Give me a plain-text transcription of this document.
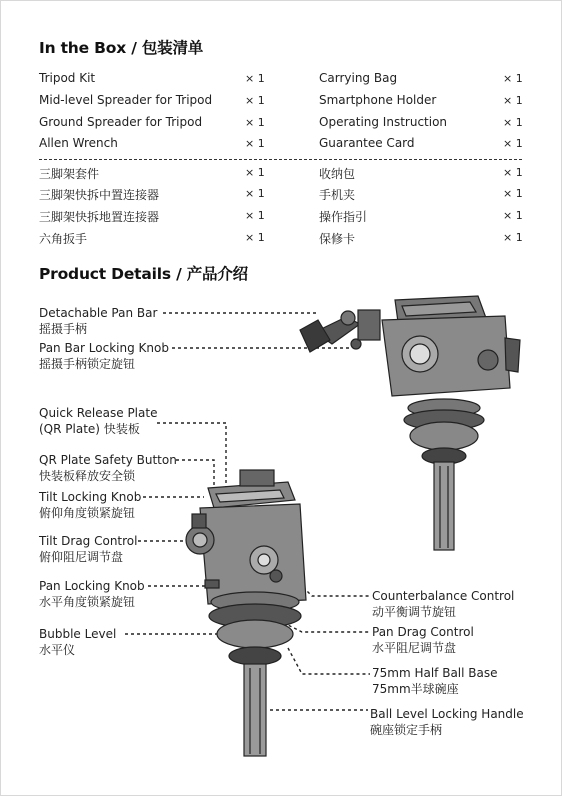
In the Box / 包装清单
Tripod Kit
Mid-level Spreader for Tripod
Ground Spreader for Tripod
Allen Wrench
× 1
× 1
× 1
× 1
Carrying Bag
Smartphone Holder
Operating Instruction
Guarantee Card
× 1
× 1
× 1
× 1
三脚架套件
三脚架快拆中置连接器
三脚架快拆地置连接器
六角扳手
× 1
× 1
× 1
× 1
收纳包
手机夹
操作指引
保修卡
× 1
× 1
× 1
× 1
Product Details / 产品介绍
Detachable Pan Bar
摇摄手柄
Pan Bar Locking Knob
摇摄手柄锁定旋钮
Quick Release Plate
(QR Plate) 快装板
QR Plate Safety Button
快装板释放安全锁
Tilt Locking Knob
俯仰角度锁紧旋钮
Tilt Drag Control
俯仰阻尼调节盘
Pan Locking Knob
水平角度锁紧旋钮
Bubble Level
水平仪
Counterbalance Control
动平衡调节旋钮
Pan Drag Control
水平阻尼调节盘
75mm Half Ball Base
75mm半球碗座
Ball Level Locking Handle
碗座锁定手柄
